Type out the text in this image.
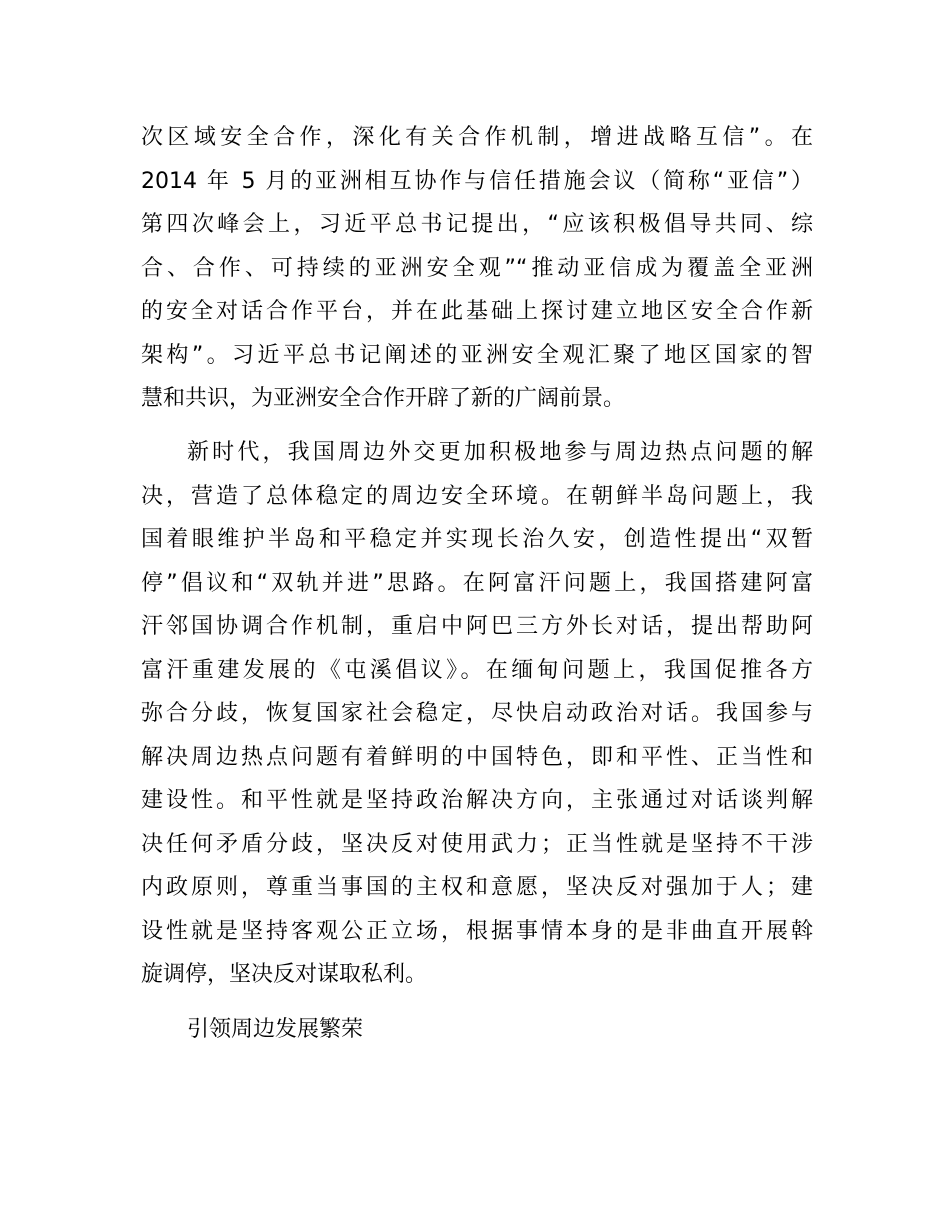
次区域安全合作，深化有关合作机制，增进战略互信”。在
2014 年 5 月的亚洲相互协作与信任措施会议（简称“亚信”）
第四次峰会上，习近平总书记提出，“应该积极倡导共同、综
合、合作、可持续的亚洲安全观”“推动亚信成为覆盖全亚洲
的安全对话合作平台，并在此基础上探讨建立地区安全合作新
架构”。习近平总书记阐述的亚洲安全观汇聚了地区国家的智
慧和共识，为亚洲安全合作开辟了新的广阔前景。
新时代，我国周边外交更加积极地参与周边热点问题的解
决，营造了总体稳定的周边安全环境。在朝鲜半岛问题上，我
国着眼维护半岛和平稳定并实现长治久安，创造性提出“双暂
停”倡议和“双轨并进”思路。在阿富汗问题上，我国搭建阿富
汗邻国协调合作机制，重启中阿巴三方外长对话，提出帮助阿
富汗重建发展的《屯溪倡议》。在缅甸问题上，我国促推各方
弥合分歧，恢复国家社会稳定，尽快启动政治对话。我国参与
解决周边热点问题有着鲜明的中国特色，即和平性、正当性和
建设性。和平性就是坚持政治解决方向，主张通过对话谈判解
决任何矛盾分歧，坚决反对使用武力；正当性就是坚持不干涉
内政原则，尊重当事国的主权和意愿，坚决反对强加于人；建
设性就是坚持客观公正立场，根据事情本身的是非曲直开展斡
旋调停，坚决反对谋取私利。
引领周边发展繁荣
